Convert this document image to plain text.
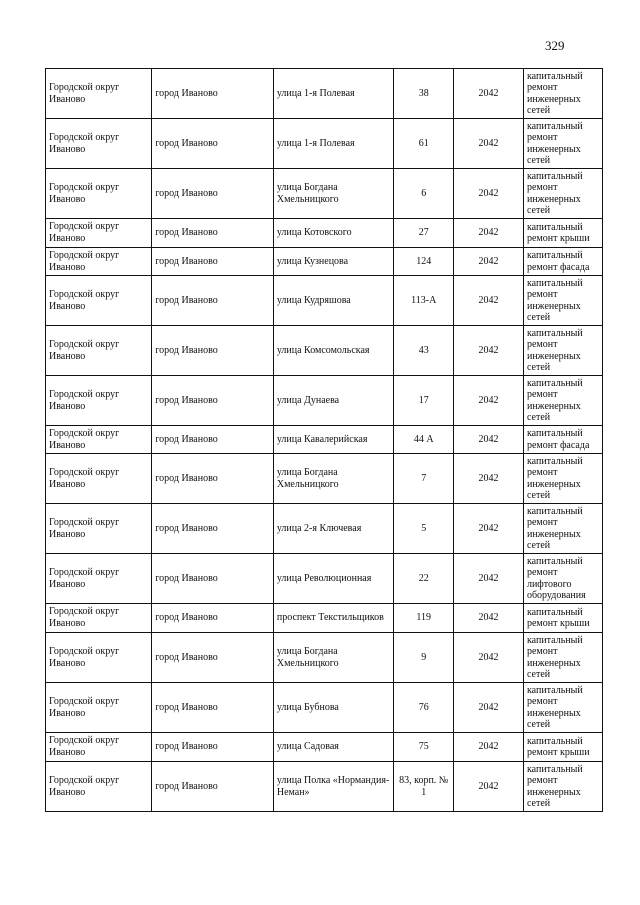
329
Городской округ Иваново	город Иваново	улица 1-я Полевая	38	2042	капитальный ремонт инженерных сетей
Городской округ Иваново	город Иваново	улица 1-я Полевая	61	2042	капитальный ремонт инженерных сетей
Городской округ Иваново	город Иваново	улица Богдана Хмельницкого	6	2042	капитальный ремонт инженерных сетей
Городской округ Иваново	город Иваново	улица Котовского	27	2042	капитальный ремонт крыши
Городской округ Иваново	город Иваново	улица Кузнецова	124	2042	капитальный ремонт фасада
Городской округ Иваново	город Иваново	улица Кудряшова	113-А	2042	капитальный ремонт инженерных сетей
Городской округ Иваново	город Иваново	улица Комсомольская	43	2042	капитальный ремонт инженерных сетей
Городской округ Иваново	город Иваново	улица Дунаева	17	2042	капитальный ремонт инженерных сетей
Городской округ Иваново	город Иваново	улица Кавалерийская	44 А	2042	капитальный ремонт фасада
Городской округ Иваново	город Иваново	улица Богдана Хмельницкого	7	2042	капитальный ремонт инженерных сетей
Городской округ Иваново	город Иваново	улица 2-я Ключевая	5	2042	капитальный ремонт инженерных сетей
Городской округ Иваново	город Иваново	улица Революционная	22	2042	капитальный ремонт лифтового оборудования
Городской округ Иваново	город Иваново	проспект Текстильщиков	119	2042	капитальный ремонт крыши
Городской округ Иваново	город Иваново	улица Богдана Хмельницкого	9	2042	капитальный ремонт инженерных сетей
Городской округ Иваново	город Иваново	улица Бубнова	76	2042	капитальный ремонт инженерных сетей
Городской округ Иваново	город Иваново	улица Садовая	75	2042	капитальный ремонт крыши
Городской округ Иваново	город Иваново	улица Полка «Нормандия-Неман»	83, корп. № 1	2042	капитальный ремонт инженерных сетей
